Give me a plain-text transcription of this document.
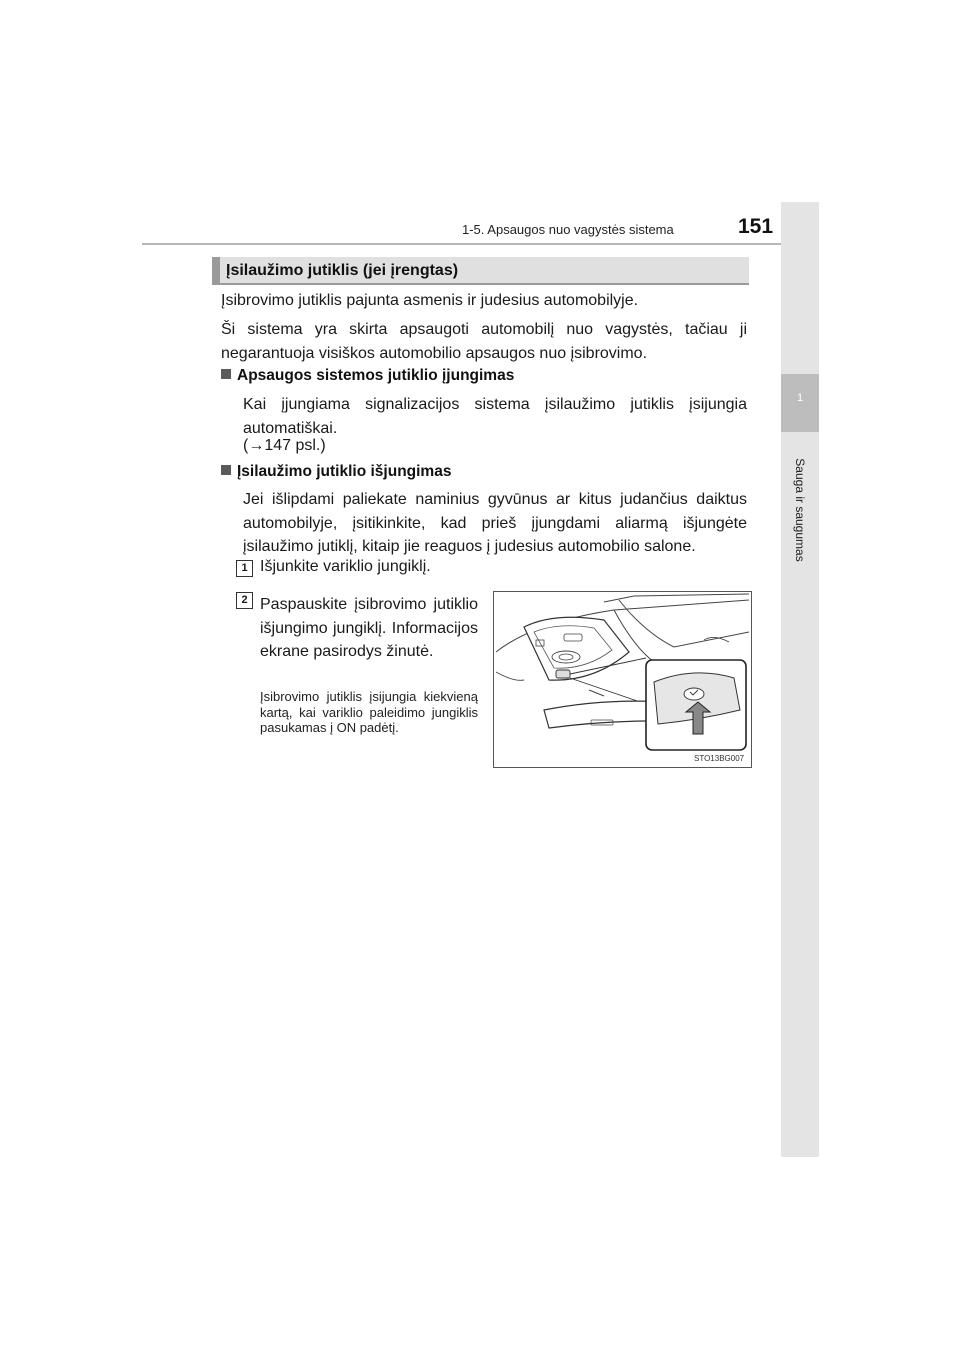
1-5. Apsaugos nuo vagystės sistema	151
1
Sauga ir saugumas
Įsilaužimo jutiklis (jei įrengtas)
Įsibrovimo jutiklis pajunta asmenis ir judesius automobilyje.
Ši sistema yra skirta apsaugoti automobilį nuo vagystės, tačiau ji negarantuoja visiškos automobilio apsaugos nuo įsibrovimo.
Apsaugos sistemos jutiklio įjungimas
Kai įjungiama signalizacijos sistema įsilaužimo jutiklis įsijungia automatiškai.
(→147 psl.)
Įsilaužimo jutiklio išjungimas
Jei išlipdami paliekate naminius gyvūnus ar kitus judančius daiktus automobilyje, įsitikinkite, kad prieš įjungdami aliarmą išjungėte įsilaužimo jutiklį, kitaip jie reaguos į judesius automobilio salone.
1 Išjunkite variklio jungiklį.
2 Paspauskite įsibrovimo jutiklio išjungimo jungiklį. Informacijos ekrane pasirodys žinutė.
Įsibrovimo jutiklis įsijungia kiekvieną kartą, kai variklio paleidimo jungiklis pasukamas į ON padėtį.
STO13BG007
